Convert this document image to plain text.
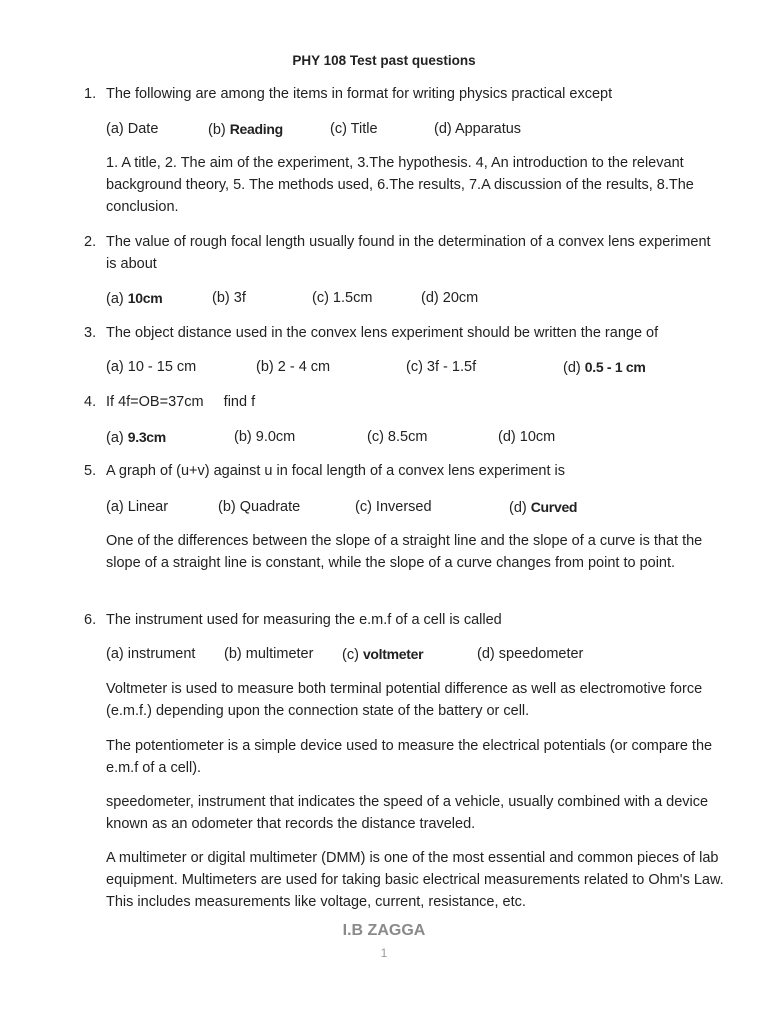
PHY 108 Test past questions
1. The following are among the items in format for writing physics practical except
(a) Date	(b) Reading	(c) Title	(d) Apparatus
1. A title, 2. The aim of the experiment, 3.The hypothesis. 4, An introduction to the relevant background theory, 5. The methods used, 6.The results, 7.A discussion of the results, 8.The conclusion.
2. The value of rough focal length usually found in the determination of a convex lens experiment is about
(a) 10cm	(b) 3f	(c) 1.5cm	(d) 20cm
3. The object distance used in the convex lens experiment should be written the range of
(a) 10 - 15 cm	(b) 2 - 4 cm	(c) 3f - 1.5f	(d) 0.5 - 1 cm
4. If 4f=OB=37cm     find f
(a) 9.3cm	(b) 9.0cm	(c) 8.5cm	(d) 10cm
5. A graph of (u+v) against u in focal length of a convex lens experiment is
(a) Linear	(b) Quadrate	(c) Inversed	(d) Curved
One of the differences between the slope of a straight line and the slope of a curve is that the slope of a straight line is constant, while the slope of a curve changes from point to point.
6. The instrument used for measuring the e.m.f of a cell is called
(a) instrument (b) multimeter (c) voltmeter	(d) speedometer
Voltmeter is used to measure both terminal potential difference as well as electromotive force (e.m.f.) depending upon the connection state of the battery or cell.
The potentiometer is a simple device used to measure the electrical potentials (or compare the e.m.f of a cell).
speedometer, instrument that indicates the speed of a vehicle, usually combined with a device known as an odometer that records the distance traveled.
A multimeter or digital multimeter (DMM) is one of the most essential and common pieces of lab equipment. Multimeters are used for taking basic electrical measurements related to Ohm's Law. This includes measurements like voltage, current, resistance, etc.
I.B ZAGGA
1
